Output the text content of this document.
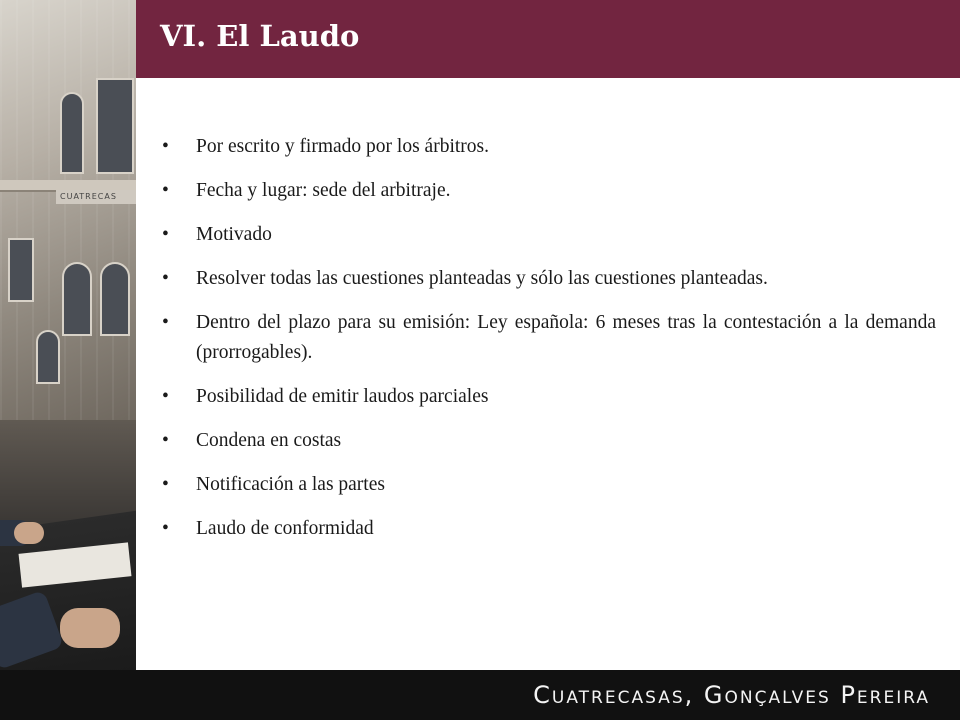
CUATRECAS
VI. El Laudo
• Por escrito y firmado por los árbitros.
• Fecha y lugar: sede del arbitraje.
• Motivado
• Resolver todas las cuestiones planteadas y sólo las cuestiones planteadas.
• Dentro del plazo para su emisión: Ley española: 6 meses tras la contestación a la demanda (prorrogables).
• Posibilidad de emitir laudos parciales
• Condena en costas
• Notificación a las partes
• Laudo de conformidad
Cuatrecasas, Gonçalves Pereira
